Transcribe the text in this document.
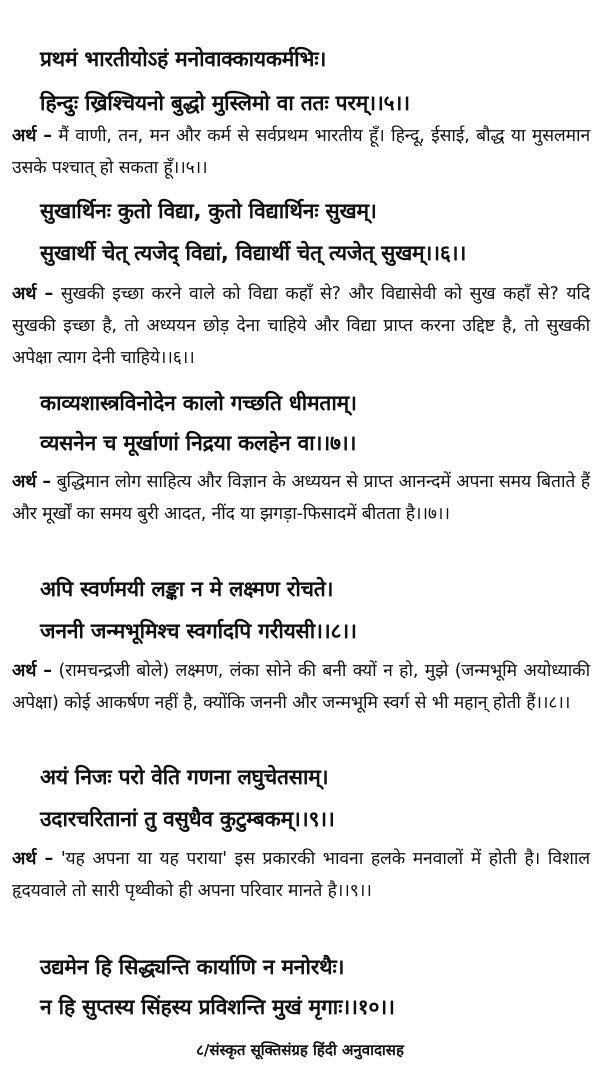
प्रथमं भारतीयोऽहं मनोवाक्कायकर्मभिः।
हिन्दुः ख्रिश्चियनो बुद्धो मुस्लिमो वा ततः परम्।।५।।
अर्थ – मैं वाणी, तन, मन और कर्म से सर्वप्रथम भारतीय हूँ। हिन्दू, ईसाई, बौद्ध या मुसलमान उसके पश्चात् हो सकता हूँ।।५।।
सुखार्थिनः कुतो विद्या, कुतो विद्यार्थिनः सुखम्।
सुखार्थी चेत् त्यजेद् विद्यां, विद्यार्थी चेत् त्यजेत् सुखम्।।६।।
अर्थ – सुखकी इच्छा करने वाले को विद्या कहाँ से? और विद्यासेवी को सुख कहाँ से? यदि सुखकी इच्छा है, तो अध्ययन छोड़ देना चाहिये और विद्या प्राप्त करना उद्दिष्ट है, तो सुखकी अपेक्षा त्याग देनी चाहिये।।६।।
काव्यशास्त्रविनोदेन कालो गच्छति धीमताम्।
व्यसनेन च मूर्खाणां निद्रया कलहेन वा।।७।।
अर्थ – बुद्धिमान लोग साहित्य और विज्ञान के अध्ययन से प्राप्त आनन्दमें अपना समय बिताते हैं और मूर्खों का समय बुरी आदत, नींद या झगड़ा-फिसादमें बीतता है।।७।।
अपि स्वर्णमयी लङ्का न मे लक्ष्मण रोचते।
जननी जन्मभूमिश्च स्वर्गादपि गरीयसी।।८।।
अर्थ – (रामचन्द्रजी बोले) लक्ष्मण, लंका सोने की बनी क्यों न हो, मुझे (जन्मभूमि अयोध्याकी अपेक्षा) कोई आकर्षण नहीं है, क्योंकि जननी और जन्मभूमि स्वर्ग से भी महान् होती हैं।।८।।
अयं निजः परो वेति गणना लघुचेतसाम्।
उदारचरितानां तु वसुधैव कुटुम्बकम्।।९।।
अर्थ – 'यह अपना या यह पराया' इस प्रकारकी भावना हलके मनवालों में होती है। विशाल हृदयवाले तो सारी पृथ्वीको ही अपना परिवार मानते है।।९।।
उद्यमेन हि सिद्ध्यन्ति कार्याणि न मनोरथैः।
न हि सुप्तस्य सिंहस्य प्रविशन्ति मुखं मृगाः।।१०।।
८/संस्कृत सूक्तिसंग्रह हिंदी अनुवादासह
